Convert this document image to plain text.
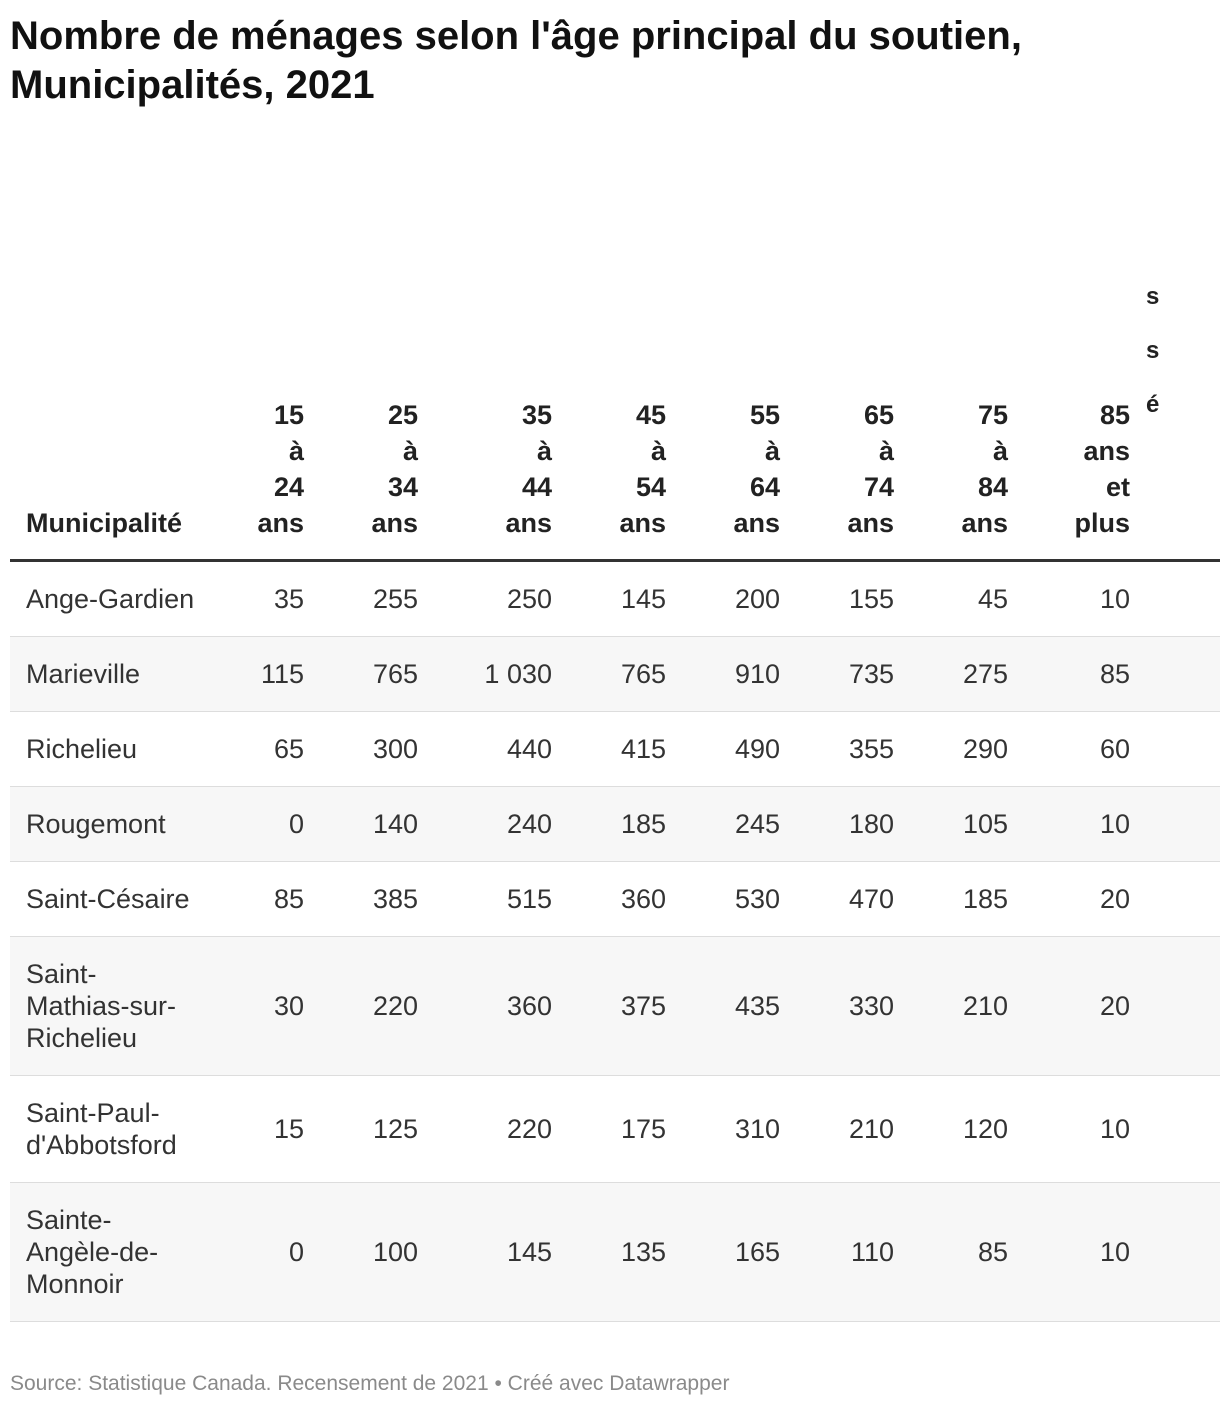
Nombre de ménages selon l'âge principal du soutien, Municipalités, 2021
Municipalité	15 à 24 ans	25 à 34 ans	35 à 44 ans	45 à 54 ans	55 à 64 ans	65 à 74 ans	75 à 84 ans	85 ans et plus	s s é

Ange-Gardien	35	255	250	145	200	155	45	10	
Marieville	115	765	1 030	765	910	735	275	85	
Richelieu	65	300	440	415	490	355	290	60	
Rougemont	0	140	240	185	245	180	105	10	
Saint-Césaire	85	385	515	360	530	470	185	20	
Saint- Mathias-sur- Richelieu	30	220	360	375	435	330	210	20	
Saint-Paul- d'Abbotsford	15	125	220	175	310	210	120	10	
Sainte- Angèle-de- Monnoir	0	100	145	135	165	110	85	10	
Source: Statistique Canada. Recensement de 2021 • Créé avec Datawrapper
